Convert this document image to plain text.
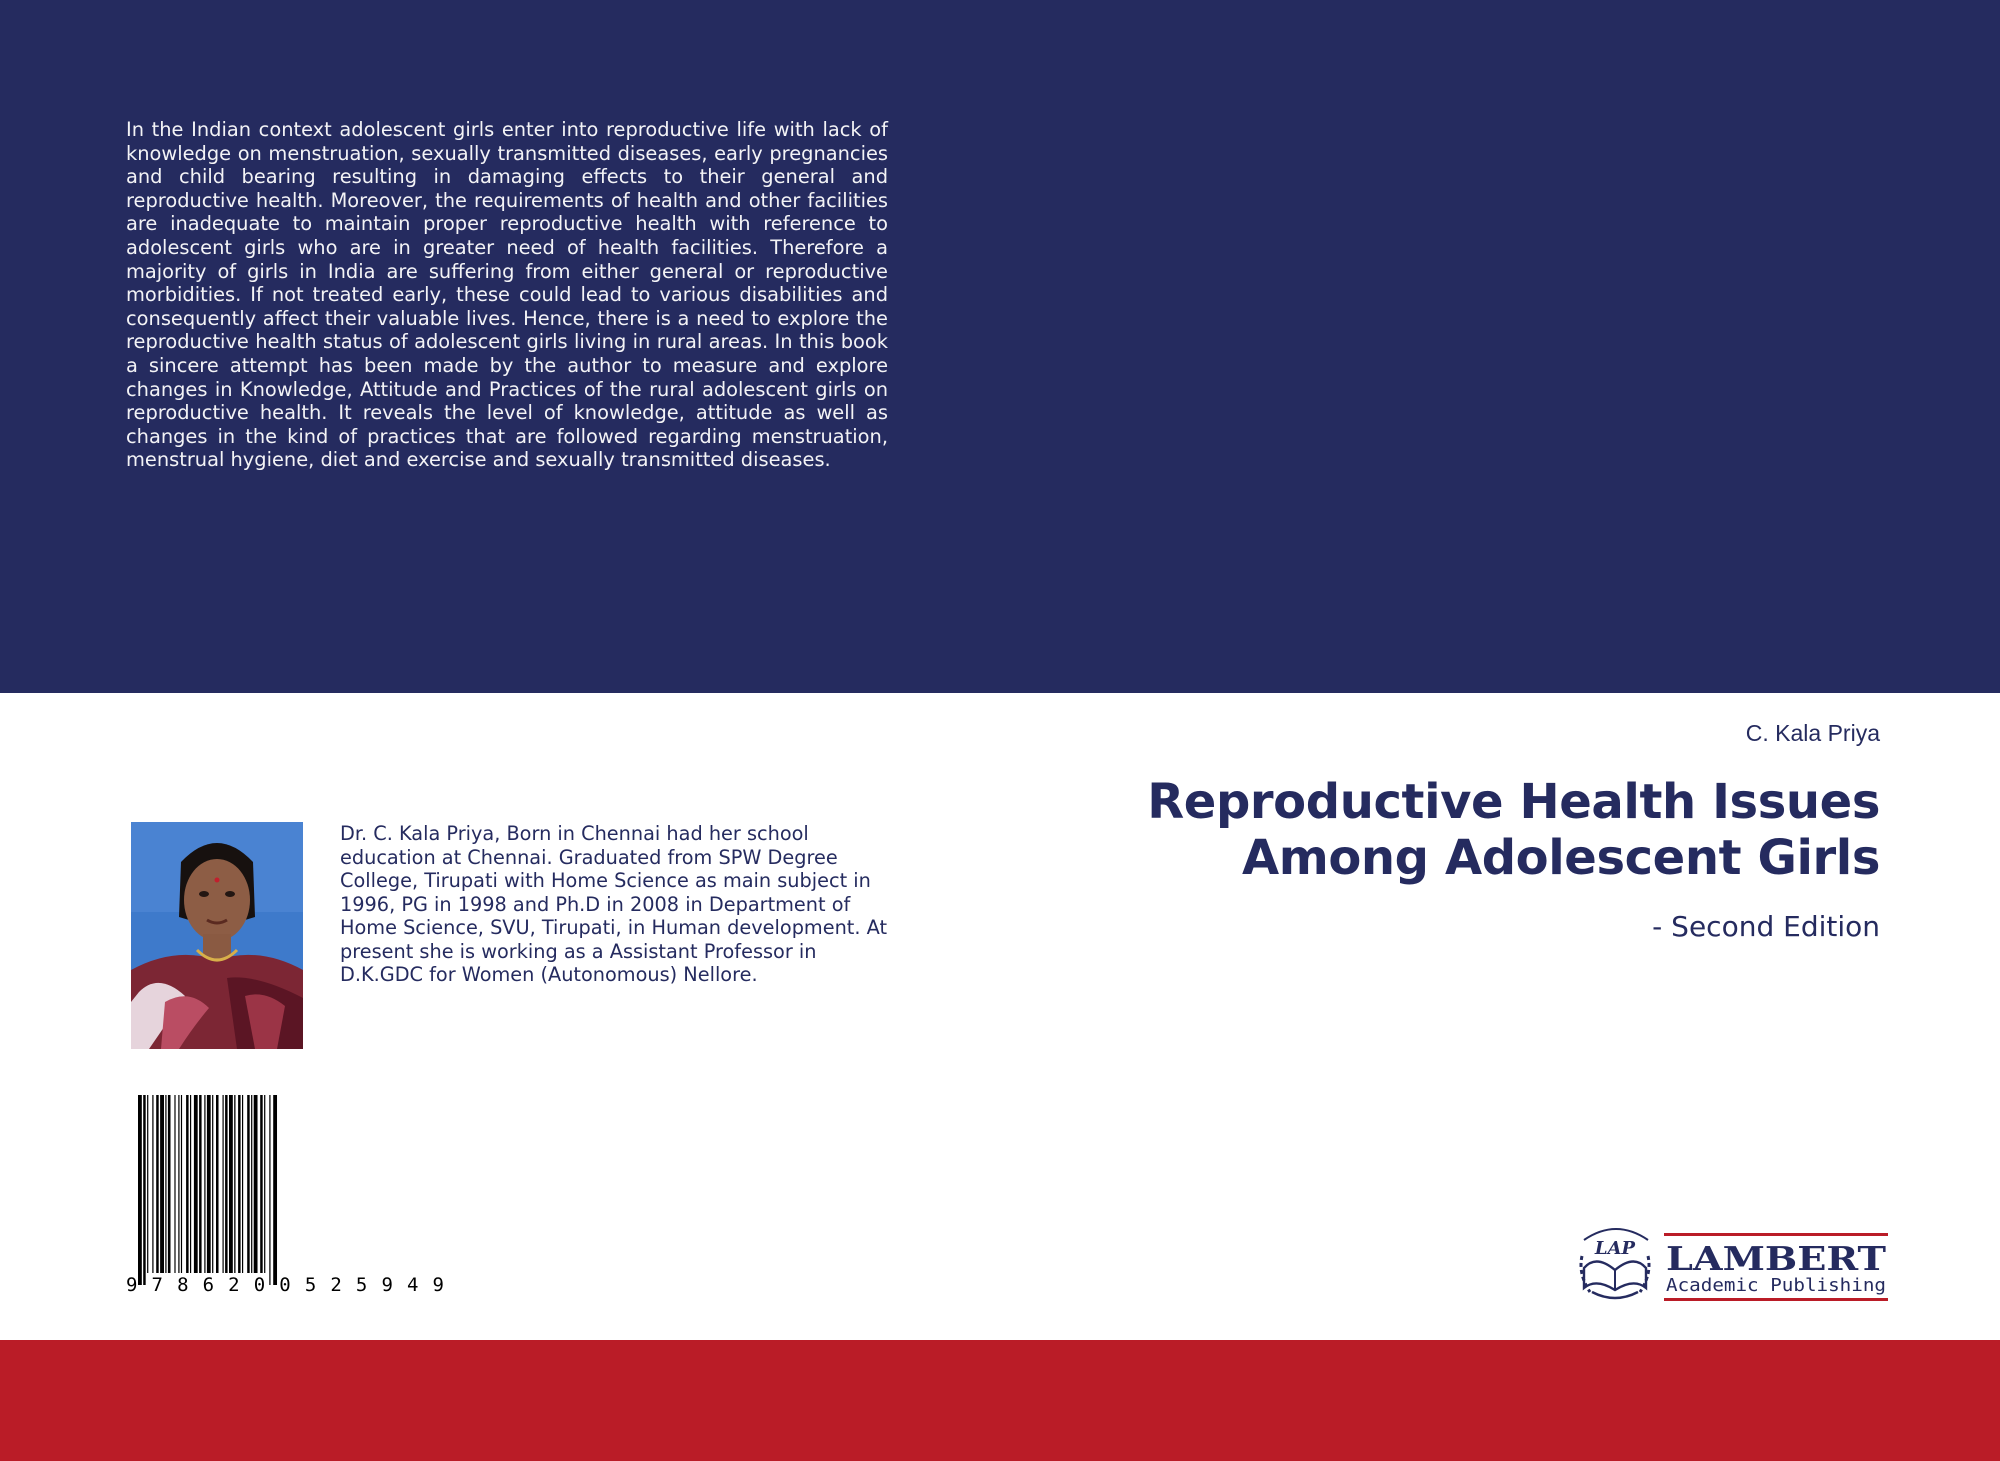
In the Indian context adolescent girls enter into reproductive life with lack of knowledge on menstruation, sexually transmitted diseases, early pregnancies and child bearing resulting in damaging effects to their general and reproductive health. Moreover, the requirements of health and other facilities are inadequate to maintain proper reproductive health with reference to adolescent girls who are in greater need of health facilities. Therefore a majority of girls in India are suffering from either general or reproductive morbidities. If not treated early, these could lead to various disabilities and consequently affect their valuable lives. Hence, there is a need to explore the reproductive health status of adolescent girls living in rural areas. In this book a sincere attempt has been made by the author to measure and explore changes in Knowledge, Attitude and Practices of the rural adolescent girls on reproductive health. It reveals the level of knowledge, attitude as well as changes in the kind of practices that are followed regarding menstruation, menstrual hygiene, diet and exercise and sexually transmitted diseases.

C. Kala Priya
Reproductive Health Issues Among Adolescent Girls
- Second Edition

Dr. C. Kala Priya, Born in Chennai had her school education at Chennai. Graduated from SPW Degree College, Tirupati with Home Science as main subject in 1996, PG in 1998 and Ph.D in 2008 in Department of Home Science, SVU, Tirupati, in Human development. At present she is working as a Assistant Professor in D.K.GDC for Women (Autonomous) Nellore.

9786200525949
LAP LAMBERT
Academic Publishing
